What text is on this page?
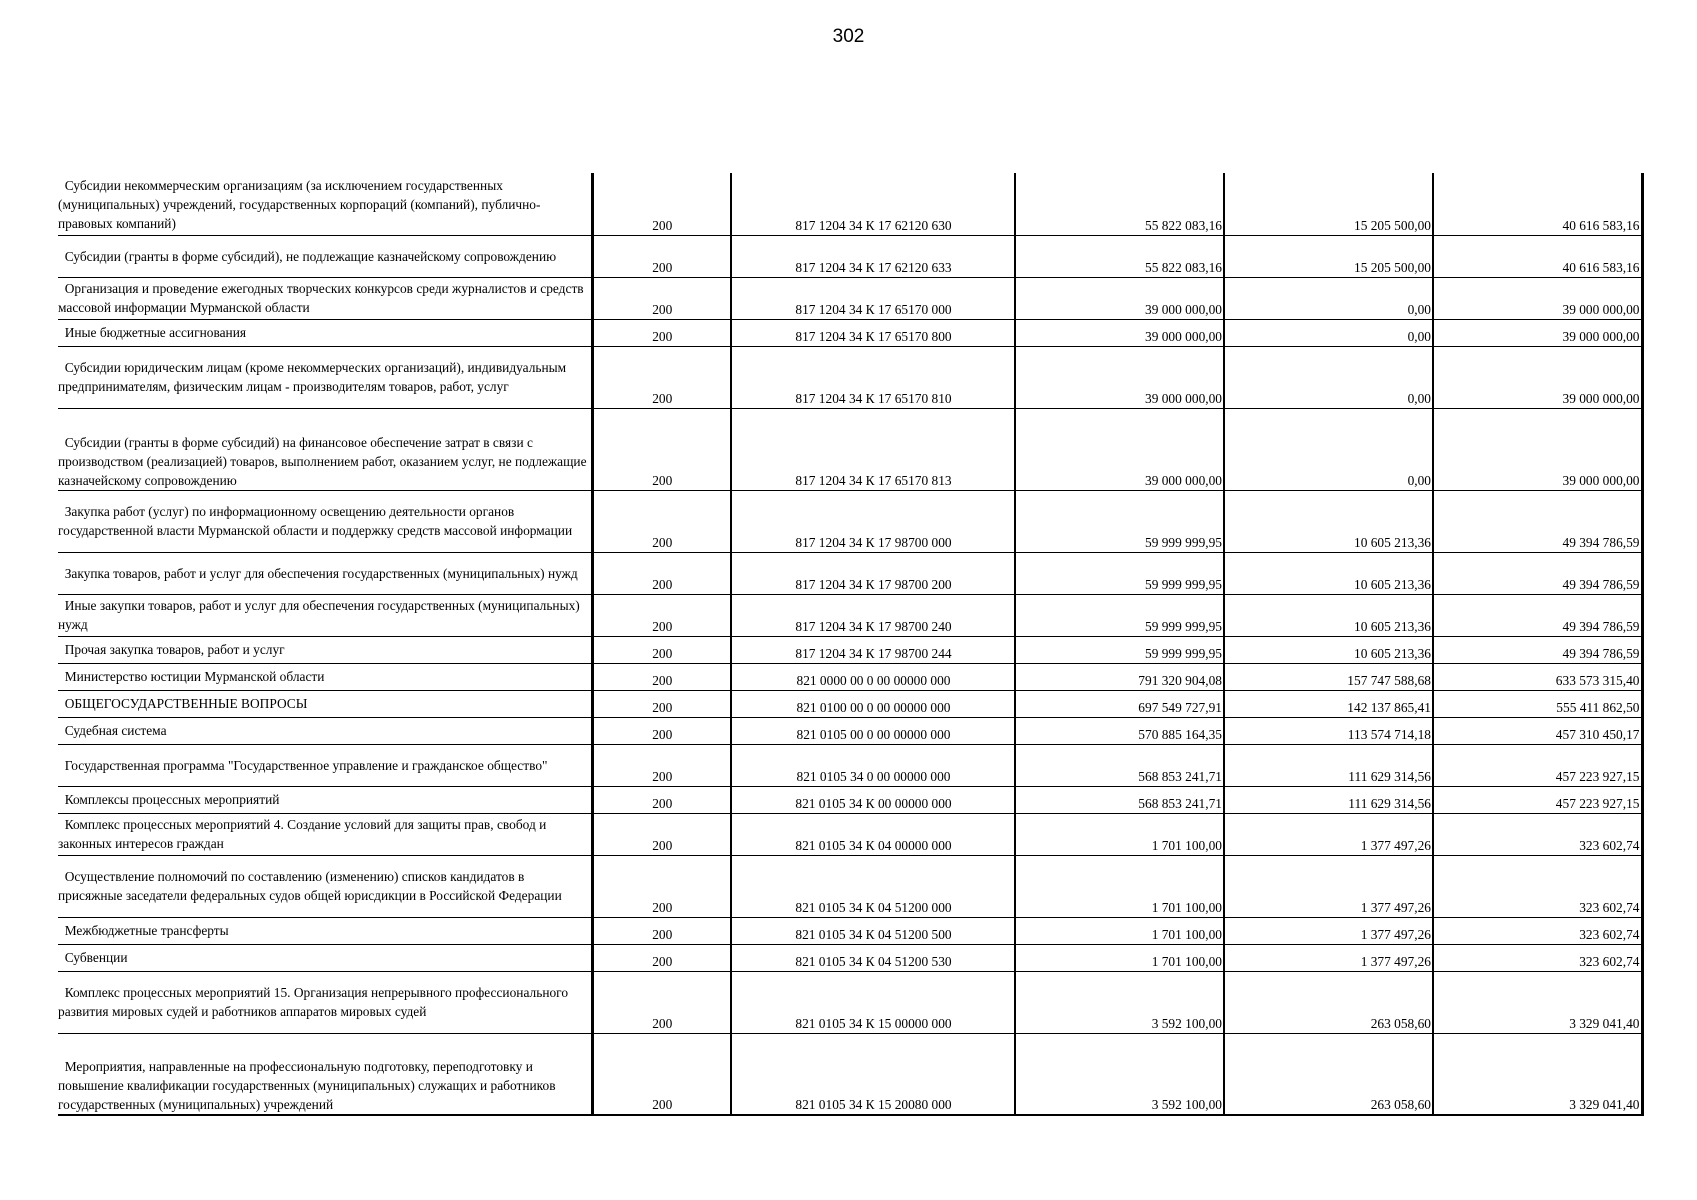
302
Субсидии некоммерческим организациям (за исключением государственных (муниципальных) учреждений, государственных корпораций (компаний), публично-правовых компаний)	200	817 1204 34 К 17 62120 630	55 822 083,16	15 205 500,00	40 616 583,16

Субсидии (гранты в форме субсидий), не подлежащие казначейскому сопровождению	200	817 1204 34 К 17 62120 633	55 822 083,16	15 205 500,00	40 616 583,16

Организация и проведение ежегодных творческих конкурсов среди журналистов и средств массовой информации Мурманской области	200	817 1204 34 К 17 65170 000	39 000 000,00	0,00	39 000 000,00

Иные бюджетные ассигнования	200	817 1204 34 К 17 65170 800	39 000 000,00	0,00	39 000 000,00

Субсидии юридическим лицам (кроме некоммерческих организаций), индивидуальным предпринимателям, физическим лицам - производителям товаров, работ, услуг	200	817 1204 34 К 17 65170 810	39 000 000,00	0,00	39 000 000,00

Субсидии (гранты в форме субсидий) на финансовое обеспечение затрат в связи с производством (реализацией) товаров, выполнением работ, оказанием услуг, не подлежащие казначейскому сопровождению	200	817 1204 34 К 17 65170 813	39 000 000,00	0,00	39 000 000,00

Закупка работ (услуг) по информационному освещению деятельности органов государственной власти Мурманской области и поддержку средств массовой информации	200	817 1204 34 К 17 98700 000	59 999 999,95	10 605 213,36	49 394 786,59

Закупка товаров, работ и услуг для обеспечения государственных (муниципальных) нужд	200	817 1204 34 К 17 98700 200	59 999 999,95	10 605 213,36	49 394 786,59

Иные закупки товаров, работ и услуг для обеспечения государственных (муниципальных) нужд	200	817 1204 34 К 17 98700 240	59 999 999,95	10 605 213,36	49 394 786,59

Прочая закупка товаров, работ и услуг	200	817 1204 34 К 17 98700 244	59 999 999,95	10 605 213,36	49 394 786,59

Министерство юстиции Мурманской области	200	821 0000 00 0 00 00000 000	791 320 904,08	157 747 588,68	633 573 315,40

ОБЩЕГОСУДАРСТВЕННЫЕ ВОПРОСЫ	200	821 0100 00 0 00 00000 000	697 549 727,91	142 137 865,41	555 411 862,50

Судебная система	200	821 0105 00 0 00 00000 000	570 885 164,35	113 574 714,18	457 310 450,17

Государственная программа "Государственное управление и гражданское общество"	200	821 0105 34 0 00 00000 000	568 853 241,71	111 629 314,56	457 223 927,15

Комплексы процессных мероприятий	200	821 0105 34 К 00 00000 000	568 853 241,71	111 629 314,56	457 223 927,15

Комплекс процессных мероприятий 4. Создание условий для защиты прав, свобод и законных интересов граждан	200	821 0105 34 К 04 00000 000	1 701 100,00	1 377 497,26	323 602,74

Осуществление полномочий по составлению (изменению) списков кандидатов в присяжные заседатели федеральных судов общей юрисдикции в Российской Федерации	200	821 0105 34 К 04 51200 000	1 701 100,00	1 377 497,26	323 602,74

Межбюджетные трансферты	200	821 0105 34 К 04 51200 500	1 701 100,00	1 377 497,26	323 602,74

Субвенции	200	821 0105 34 К 04 51200 530	1 701 100,00	1 377 497,26	323 602,74

Комплекс процессных мероприятий 15. Организация непрерывного профессионального развития мировых судей и работников аппаратов мировых судей	200	821 0105 34 К 15 00000 000	3 592 100,00	263 058,60	3 329 041,40

Мероприятия, направленные на профессиональную подготовку, переподготовку и повышение квалификации государственных (муниципальных) служащих и работников государственных (муниципальных) учреждений	200	821 0105 34 К 15 20080 000	3 592 100,00	263 058,60	3 329 041,40
